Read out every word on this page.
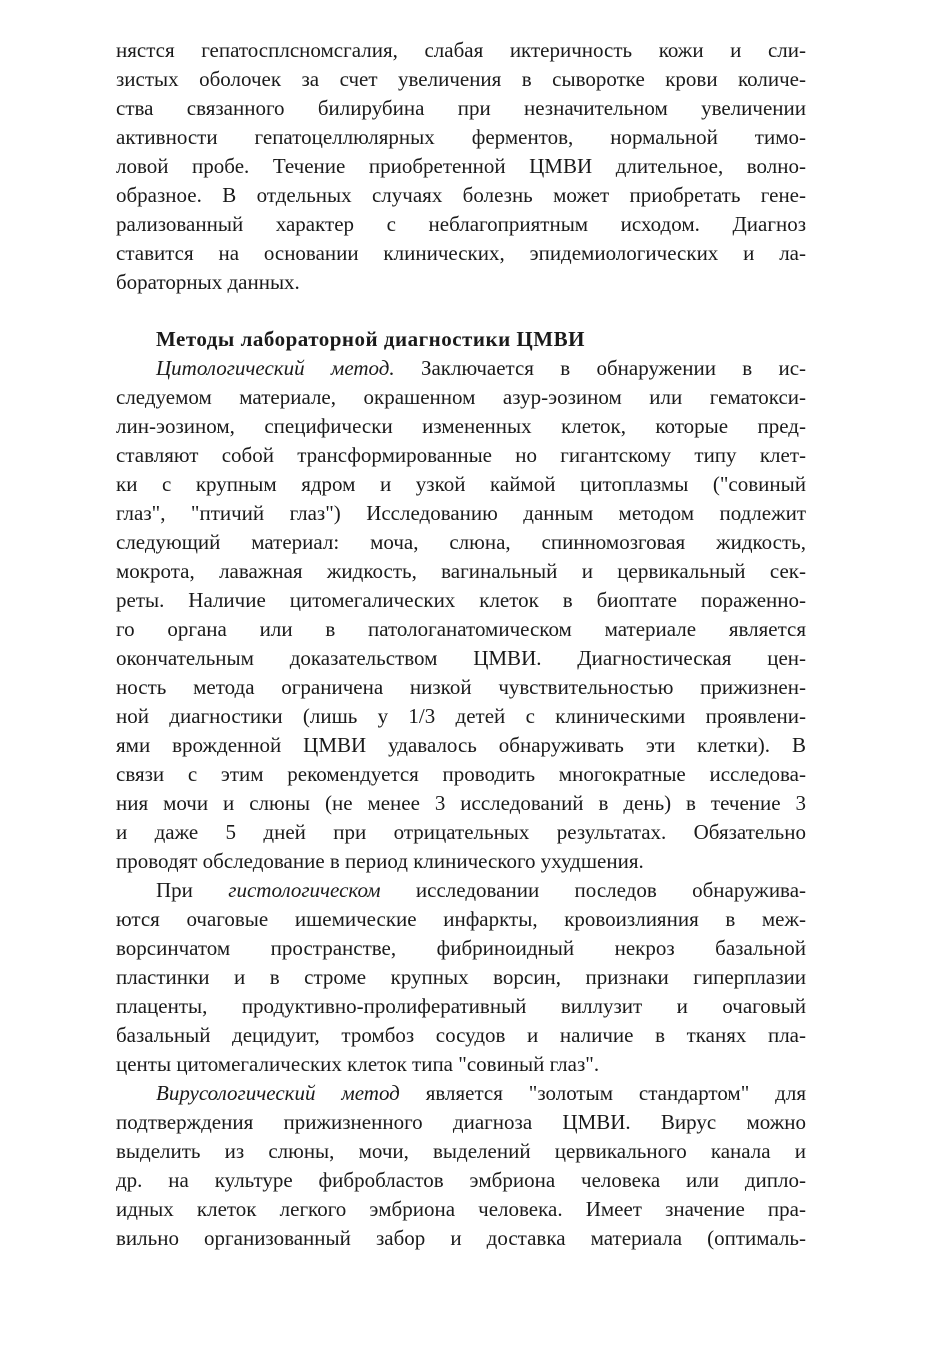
нястся гепатосплсномсгалия, слабая иктеричность кожи и сли-
зистых оболочек за счет увеличения в сыворотке крови количе-
ства связанного билирубина при незначительном увеличении
активности гепатоцеллюлярных ферментов, нормальной тимо-
ловой пробе. Течение приобретенной ЦМВИ длительное, волно-
образное. В отдельных случаях болезнь может приобретать гене-
рализованный характер с неблагоприятным исходом. Диагноз
ставится на основании клинических, эпидемиологических и ла-
бораторных данных.
Методы лабораторной диагностики ЦМВИ
Цитологический метод. Заключается в обнаружении в ис-
следуемом материале, окрашенном азур-эозином или гематокси-
лин-эозином, специфически измененных клеток, которые пред-
ставляют собой трансформированные но гигантскому типу клет-
ки с крупным ядром и узкой каймой цитоплазмы ("совиный
глаз", "птичий глаз") Исследованию данным методом подлежит
следующий материал: моча, слюна, спинномозговая жидкость,
мокрота, лаважная жидкость, вагинальный и цервикальный сек-
реты. Наличие цитомегалических клеток в биоптате пораженно-
го органа или в патологанатомическом материале является
окончательным доказательством ЦМВИ. Диагностическая цен-
ность метода ограничена низкой чувствительностью прижизнен-
ной диагностики (лишь у 1/3 детей с клиническими проявлени-
ями врожденной ЦМВИ удавалось обнаруживать эти клетки). В
связи с этим рекомендуется проводить многократные исследова-
ния мочи и слюны (не менее 3 исследований в день) в течение 3
и даже 5 дней при отрицательных результатах. Обязательно
проводят обследование в период клинического ухудшения.
При гистологическом исследовании последов обнаружива-
ются очаговые ишемические инфаркты, кровоизлияния в меж-
ворсинчатом пространстве, фибриноидный некроз базальной
пластинки и в строме крупных ворсин, признаки гиперплазии
плаценты, продуктивно-пролиферативный виллузит и очаговый
базальный децидуит, тромбоз сосудов и наличие в тканях пла-
центы цитомегалических клеток типа "совиный глаз".
Вирусологический метод является "золотым стандартом" для
подтверждения прижизненного диагноза ЦМВИ. Вирус можно
выделить из слюны, мочи, выделений цервикального канала и
др. на культуре фибробластов эмбриона человека или дипло-
идных клеток легкого эмбриона человека. Имеет значение пра-
вильно организованный забор и доставка материала (оптималь-
